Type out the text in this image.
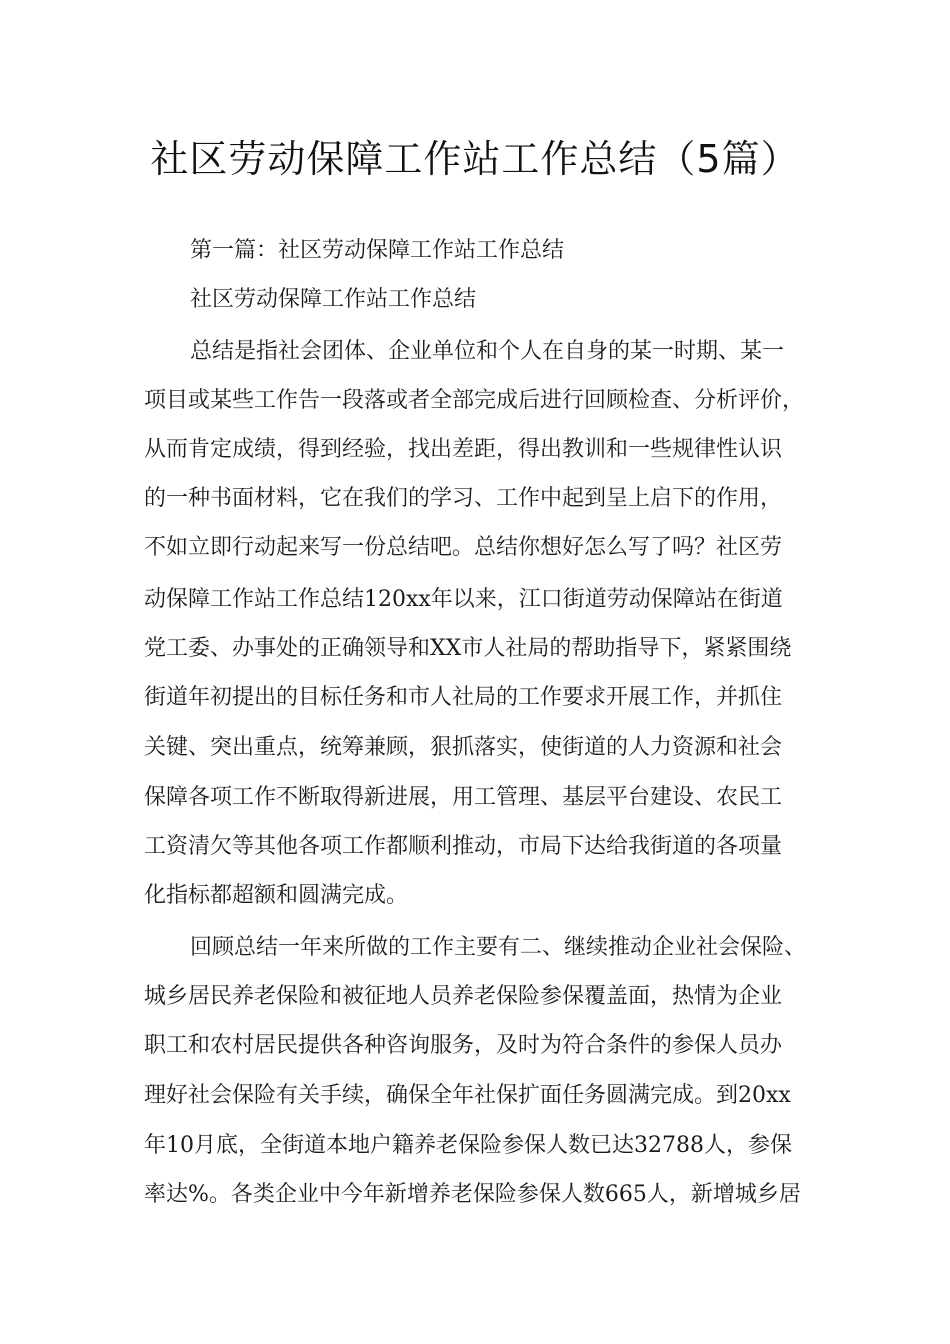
社区劳动保障工作站工作总结（5篇）
第一篇：社区劳动保障工作站工作总结
社区劳动保障工作站工作总结
总结是指社会团体、企业单位和个人在自身的某一时期、某一
项目或某些工作告一段落或者全部完成后进行回顾检查、分析评价，
从而肯定成绩，得到经验，找出差距，得出教训和一些规律性认识
的一种书面材料，它在我们的学习、工作中起到呈上启下的作用，
不如立即行动起来写一份总结吧。总结你想好怎么写了吗？社区劳
动保障工作站工作总结120xx年以来，江口街道劳动保障站在街道
党工委、办事处的正确领导和XX市人社局的帮助指导下，紧紧围绕
街道年初提出的目标任务和市人社局的工作要求开展工作，并抓住
关键、突出重点，统筹兼顾，狠抓落实，使街道的人力资源和社会
保障各项工作不断取得新进展，用工管理、基层平台建设、农民工
工资清欠等其他各项工作都顺利推动，市局下达给我街道的各项量
化指标都超额和圆满完成。
回顾总结一年来所做的工作主要有二、继续推动企业社会保险、
城乡居民养老保险和被征地人员养老保险参保覆盖面，热情为企业
职工和农村居民提供各种咨询服务，及时为符合条件的参保人员办
理好社会保险有关手续，确保全年社保扩面任务圆满完成。到20xx
年10月底，全街道本地户籍养老保险参保人数已达32788人，参保
率达%。各类企业中今年新增养老保险参保人数665人，新增城乡居
